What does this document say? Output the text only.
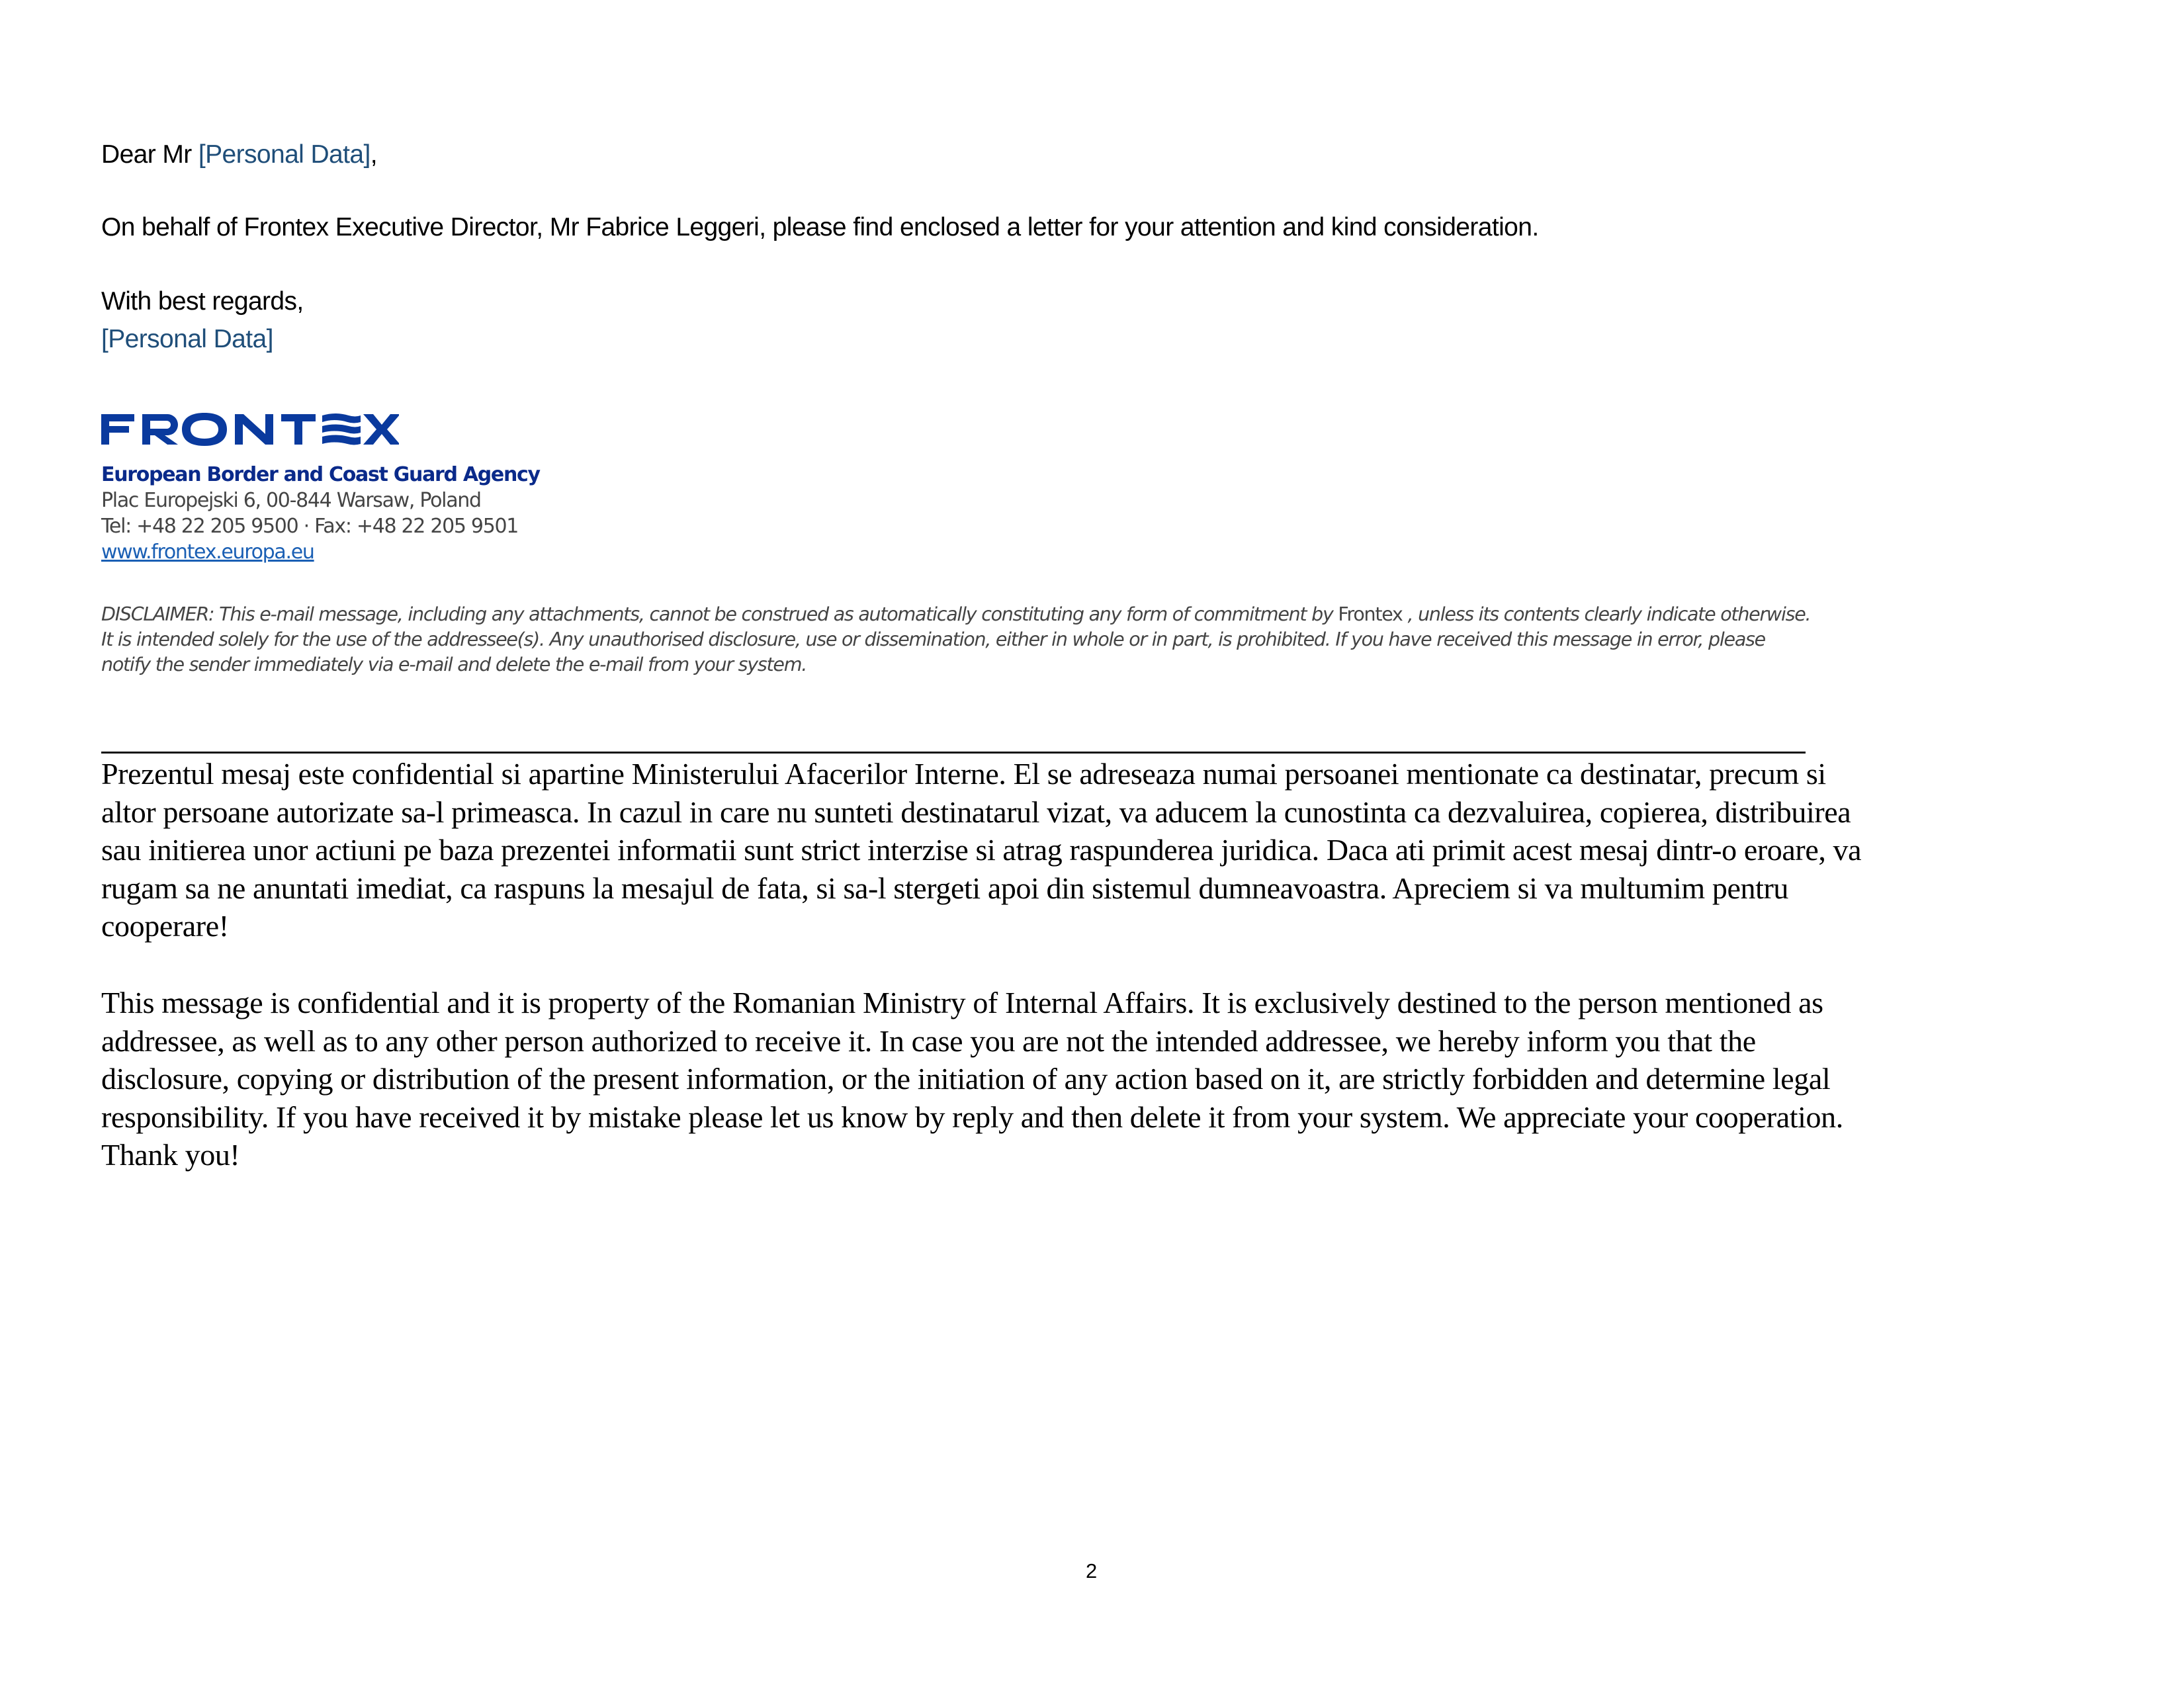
Dear Mr [Personal Data],
On behalf of Frontex Executive Director, Mr Fabrice Leggeri, please find enclosed a letter for your attention and kind consideration.
With best regards,
[Personal Data]
European Border and Coast Guard Agency
Plac Europejski 6, 00-844 Warsaw, Poland
Tel: +48 22 205 9500 · Fax: +48 22 205 9501
www.frontex.europa.eu
DISCLAIMER: This e-mail message, including any attachments, cannot be construed as automatically constituting any form of commitment by Frontex , unless its contents clearly indicate otherwise.
It is intended solely for the use of the addressee(s). Any unauthorised disclosure, use or dissemination, either in whole or in part, is prohibited. If you have received this message in error, please
notify the sender immediately via e-mail and delete the e-mail from your system.
Prezentul mesaj este confidential si apartine Ministerului Afacerilor Interne. El se adreseaza numai persoanei mentionate ca destinatar, precum si
altor persoane autorizate sa-l primeasca. In cazul in care nu sunteti destinatarul vizat, va aducem la cunostinta ca dezvaluirea, copierea, distribuirea
sau initierea unor actiuni pe baza prezentei informatii sunt strict interzise si atrag raspunderea juridica. Daca ati primit acest mesaj dintr-o eroare, va
rugam sa ne anuntati imediat, ca raspuns la mesajul de fata, si sa-l stergeti apoi din sistemul dumneavoastra. Apreciem si va multumim pentru
cooperare!
This message is confidential and it is property of the Romanian Ministry of Internal Affairs. It is exclusively destined to the person mentioned as
addressee, as well as to any other person authorized to receive it. In case you are not the intended addressee, we hereby inform you that the
disclosure, copying or distribution of the present information, or the initiation of any action based on it, are strictly forbidden and determine legal
responsibility. If you have received it by mistake please let us know by reply and then delete it from your system. We appreciate your cooperation.
Thank you!
2
